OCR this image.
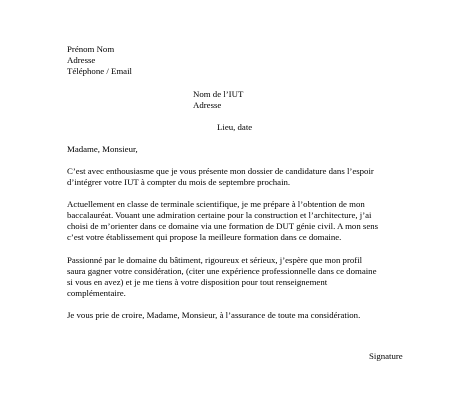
Prénom Nom
Adresse
Téléphone / Email
Nom de l’IUT
Adresse
Lieu, date
Madame, Monsieur,
C’est avec enthousiasme que je vous présente mon dossier de candidature dans l’espoir
d’intégrer votre IUT à compter du mois de septembre prochain.
Actuellement en classe de terminale scientifique, je me prépare à l’obtention de mon
baccalauréat. Vouant une admiration certaine pour la construction et l’architecture, j’ai
choisi de m’orienter dans ce domaine via une formation de DUT génie civil. A mon sens
c’est votre établissement qui propose la meilleure formation dans ce domaine.
Passionné par le domaine du bâtiment, rigoureux et sérieux, j’espère que mon profil
saura gagner votre considération, (citer une expérience professionnelle dans ce domaine
si vous en avez) et je me tiens à votre disposition pour tout renseignement
complémentaire.
Je vous prie de croire, Madame, Monsieur, à l’assurance de toute ma considération.
Signature
